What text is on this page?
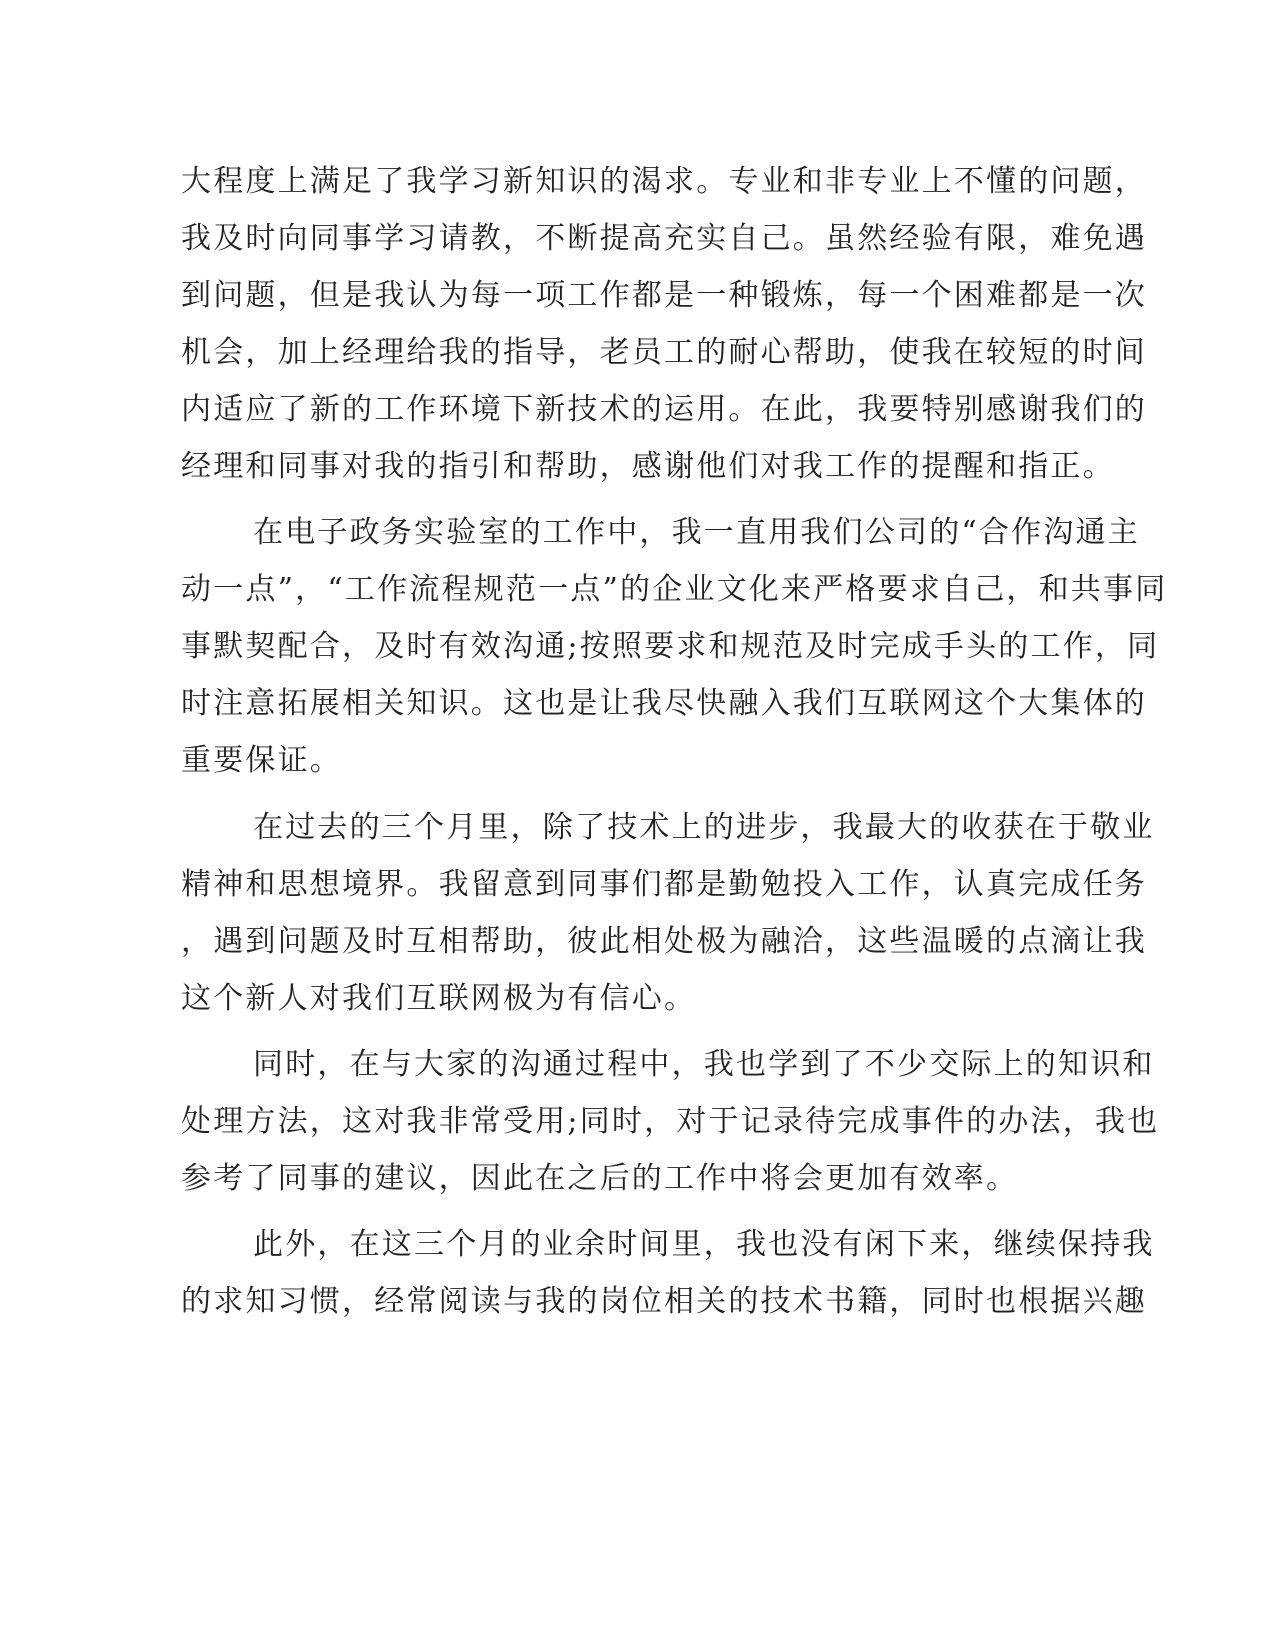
大程度上满足了我学习新知识的渴求。专业和非专业上不懂的问题，
我及时向同事学习请教，不断提高充实自己。虽然经验有限，难免遇
到问题，但是我认为每一项工作都是一种锻炼，每一个困难都是一次
机会，加上经理给我的指导，老员工的耐心帮助，使我在较短的时间
内适应了新的工作环境下新技术的运用。在此，我要特别感谢我们的
经理和同事对我的指引和帮助，感谢他们对我工作的提醒和指正。
在电子政务实验室的工作中，我一直用我们公司的“合作沟通主
动一点”，“工作流程规范一点”的企业文化来严格要求自己，和共事同
事默契配合，及时有效沟通;按照要求和规范及时完成手头的工作，同
时注意拓展相关知识。这也是让我尽快融入我们互联网这个大集体的
重要保证。
在过去的三个月里，除了技术上的进步，我最大的收获在于敬业
精神和思想境界。我留意到同事们都是勤勉投入工作，认真完成任务
，遇到问题及时互相帮助，彼此相处极为融洽，这些温暖的点滴让我
这个新人对我们互联网极为有信心。
同时，在与大家的沟通过程中，我也学到了不少交际上的知识和
处理方法，这对我非常受用;同时，对于记录待完成事件的办法，我也
参考了同事的建议，因此在之后的工作中将会更加有效率。
此外，在这三个月的业余时间里，我也没有闲下来，继续保持我
的求知习惯，经常阅读与我的岗位相关的技术书籍，同时也根据兴趣
